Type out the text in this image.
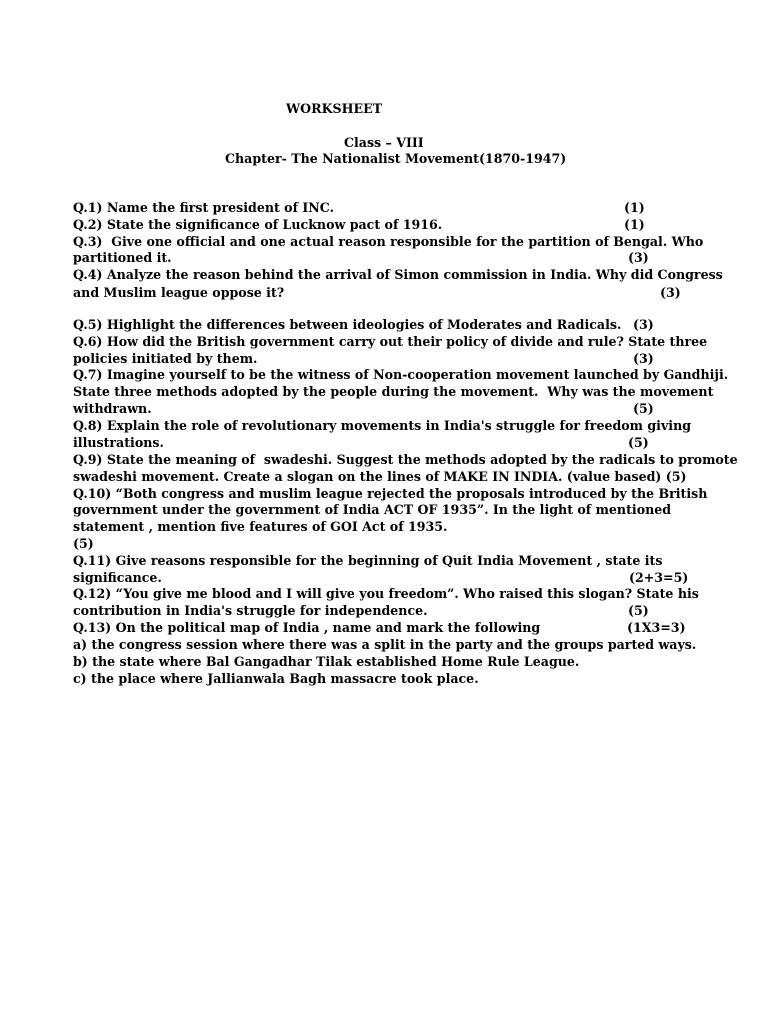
WORKSHEET
Class – VIII
Chapter- The Nationalist Movement(1870-1947)
Q.1) Name the first president of INC.	(1)
Q.2) State the significance of Lucknow pact of 1916.	(1)
Q.3)  Give one official and one actual reason responsible for the partition of Bengal. Who
partitioned it.	(3)
Q.4) Analyze the reason behind the arrival of Simon commission in India. Why did Congress
and Muslim league oppose it?	(3)
Q.5) Highlight the differences between ideologies of Moderates and Radicals. (3)
Q.6) How did the British government carry out their policy of divide and rule? State three
policies initiated by them.	(3)
Q.7) Imagine yourself to be the witness of Non-cooperation movement launched by Gandhiji.
State three methods adopted by the people during the movement.  Why was the movement
withdrawn.	(5)
Q.8) Explain the role of revolutionary movements in India's struggle for freedom giving
illustrations.	(5)
Q.9) State the meaning of  swadeshi. Suggest the methods adopted by the radicals to promote
swadeshi movement. Create a slogan on the lines of MAKE IN INDIA. (value based) (5)
Q.10) “Both congress and muslim league rejected the proposals introduced by the British
government under the government of India ACT OF 1935”. In the light of mentioned
statement , mention five features of GOI Act of 1935.
(5)
Q.11) Give reasons responsible for the beginning of Quit India Movement , state its
significance.	(2+3=5)
Q.12) “You give me blood and I will give you freedom”. Who raised this slogan? State his
contribution in India's struggle for independence.	(5)
Q.13) On the political map of India , name and mark the following	(1X3=3)
a) the congress session where there was a split in the party and the groups parted ways.
b) the state where Bal Gangadhar Tilak established Home Rule League.
c) the place where Jallianwala Bagh massacre took place.
